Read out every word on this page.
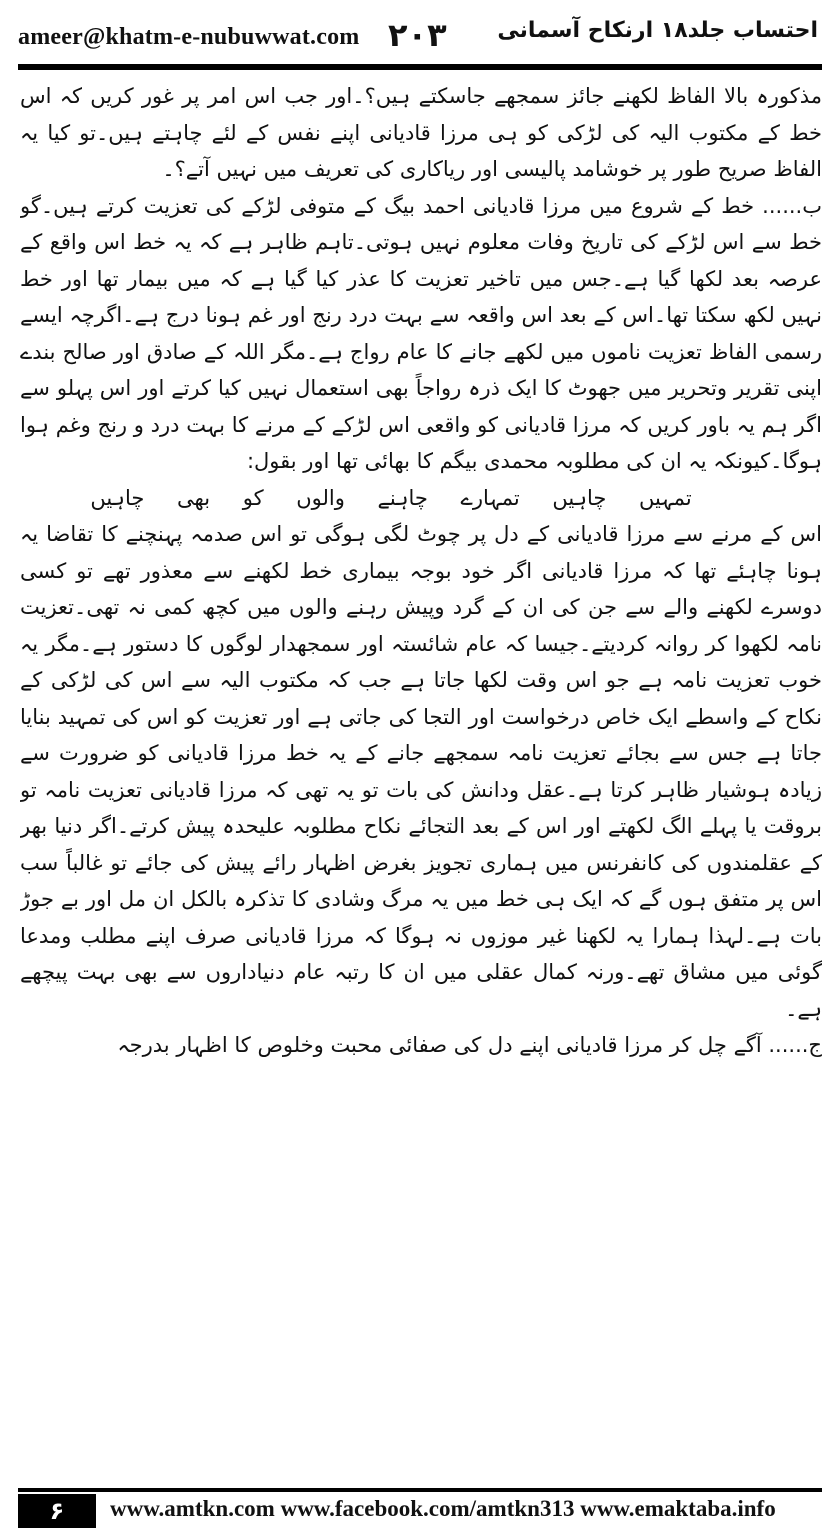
ameer@khatm-e-nubuwwat.com ۲۰۳ احتساب جلد۱۸ ارنکاح آسمانی

مذکورہ بالا الفاظ لکھنے جائز سمجھے جاسکتے ہیں؟۔اور جب اس امر پر غور کریں کہ اس خط کے مکتوب الیہ کی لڑکی کو ہی مرزا قادیانی اپنے نفس کے لئے چاہتے ہیں۔تو کیا یہ الفاظ صریح طور پر خوشامد پالیسی اور ریاکاری کی تعریف میں نہیں آتے؟۔

ب...... خط کے شروع میں مرزا قادیانی احمد بیگ کے متوفی لڑکے کی تعزیت کرتے ہیں۔گو خط سے اس لڑکے کی تاریخ وفات معلوم نہیں ہوتی۔تاہم ظاہر ہے کہ یہ خط اس واقع کے عرصہ بعد لکھا گیا ہے۔جس میں تاخیر تعزیت کا عذر کیا گیا ہے کہ میں بیمار تھا اور خط نہیں لکھ سکتا تھا۔اس کے بعد اس واقعہ سے بہت درد رنج اور غم ہونا درج ہے۔اگرچہ ایسے رسمی الفاظ تعزیت ناموں میں لکھے جانے کا عام رواج ہے۔مگر اللہ کے صادق اور صالح بندے اپنی تقریر وتحریر میں جھوٹ کا ایک ذرہ رواجاً بھی استعمال نہیں کیا کرتے اور اس پہلو سے اگر ہم یہ باور کریں کہ مرزا قادیانی کو واقعی اس لڑکے کے مرنے کا بہت درد و رنج وغم ہوا ہوگا۔کیونکہ یہ ان کی مطلوبہ محمدی بیگم کا بھائی تھا اور بقول:

تمہیں چاہیں تمہارے چاہنے والوں کو بھی چاہیں

اس کے مرنے سے مرزا قادیانی کے دل پر چوٹ لگی ہوگی تو اس صدمہ پہنچنے کا تقاضا یہ ہونا چاہئے تھا کہ مرزا قادیانی اگر خود بوجہ بیماری خط لکھنے سے معذور تھے تو کسی دوسرے لکھنے والے سے جن کی ان کے گرد وپیش رہنے والوں میں کچھ کمی نہ تھی۔تعزیت نامہ لکھوا کر روانہ کردیتے۔جیسا کہ عام شائستہ اور سمجھدار لوگوں کا دستور ہے۔مگر یہ خوب تعزیت نامہ ہے جو اس وقت لکھا جاتا ہے جب کہ مکتوب الیہ سے اس کی لڑکی کے نکاح کے واسطے ایک خاص درخواست اور التجا کی جاتی ہے اور تعزیت کو اس کی تمہید بنایا جاتا ہے جس سے بجائے تعزیت نامہ سمجھے جانے کے یہ خط مرزا قادیانی کو ضرورت سے زیادہ ہوشیار ظاہر کرتا ہے۔عقل ودانش کی بات تو یہ تھی کہ مرزا قادیانی تعزیت نامہ تو بروقت یا پہلے الگ لکھتے اور اس کے بعد التجائے نکاح مطلوبہ علیحدہ پیش کرتے۔اگر دنیا بھر کے عقلمندوں کی کانفرنس میں ہماری تجویز بغرض اظہار رائے پیش کی جائے تو غالباً سب اس پر متفق ہوں گے کہ ایک ہی خط میں یہ مرگ وشادی کا تذکرہ بالکل ان مل اور بے جوڑ بات ہے۔لہذا ہمارا یہ لکھنا غیر موزوں نہ ہوگا کہ مرزا قادیانی صرف اپنے مطلب ومدعا گوئی میں مشاق تھے۔ورنہ کمال عقلی میں ان کا رتبہ عام دنیاداروں سے بھی بہت پیچھے ہے۔

ج...... آگے چل کر مرزا قادیانی اپنے دل کی صفائی محبت وخلوص کا اظہار بدرجہ

۶	www.amtkn.com www.facebook.com/amtkn313 www.emaktaba.info
